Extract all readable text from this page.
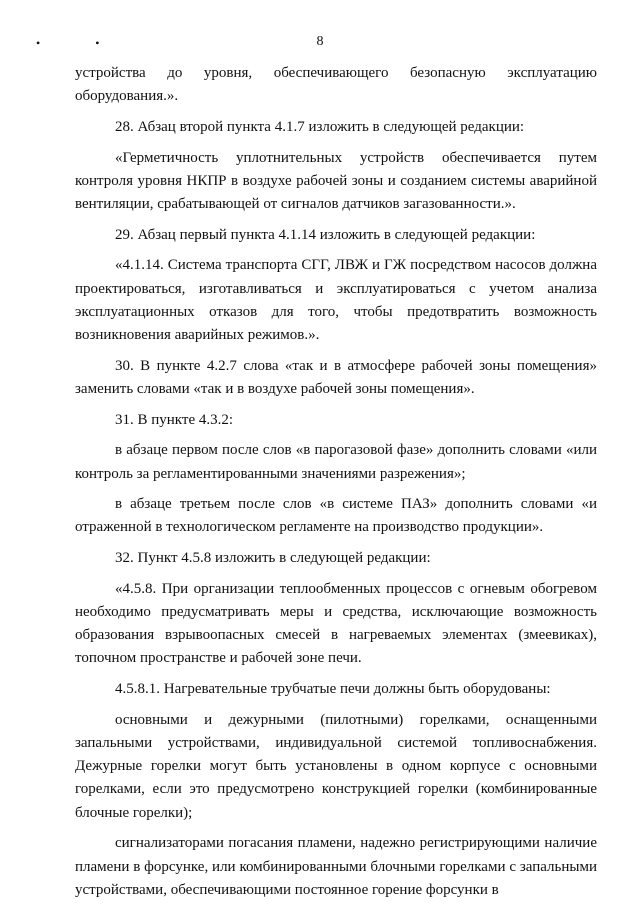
• •	8

устройства до уровня, обеспечивающего безопасную эксплуатацию оборудования.».

28. Абзац второй пункта 4.1.7 изложить в следующей редакции:

«Герметичность уплотнительных устройств обеспечивается путем контроля уровня НКПР в воздухе рабочей зоны и созданием системы аварийной вентиляции, срабатывающей от сигналов датчиков загазованности.».

29. Абзац первый пункта 4.1.14 изложить в следующей редакции:

«4.1.14. Система транспорта СГГ, ЛВЖ и ГЖ посредством насосов должна проектироваться, изготавливаться и эксплуатироваться с учетом анализа эксплуатационных отказов для того, чтобы предотвратить возможность возникновения аварийных режимов.».

30. В пункте 4.2.7 слова «так и в атмосфере рабочей зоны помещения» заменить словами «так и в воздухе рабочей зоны помещения».

31. В пункте 4.3.2:

в абзаце первом после слов «в парогазовой фазе» дополнить словами «или контроль за регламентированными значениями разрежения»;

в абзаце третьем после слов «в системе ПАЗ» дополнить словами «и отраженной в технологическом регламенте на производство продукции».

32. Пункт 4.5.8 изложить в следующей редакции:

«4.5.8. При организации теплообменных процессов с огневым обогревом необходимо предусматривать меры и средства, исключающие возможность образования взрывоопасных смесей в нагреваемых элементах (змеевиках), топочном пространстве и рабочей зоне печи.

4.5.8.1. Нагревательные трубчатые печи должны быть оборудованы:

основными и дежурными (пилотными) горелками, оснащенными запальными устройствами, индивидуальной системой топливоснабжения. Дежурные горелки могут быть установлены в одном корпусе с основными горелками, если это предусмотрено конструкцией горелки (комбинированные блочные горелки);

сигнализаторами погасания пламени, надежно регистрирующими наличие пламени в форсунке, или комбинированными блочными горелками с запальными устройствами, обеспечивающими постоянное горение форсунки в
